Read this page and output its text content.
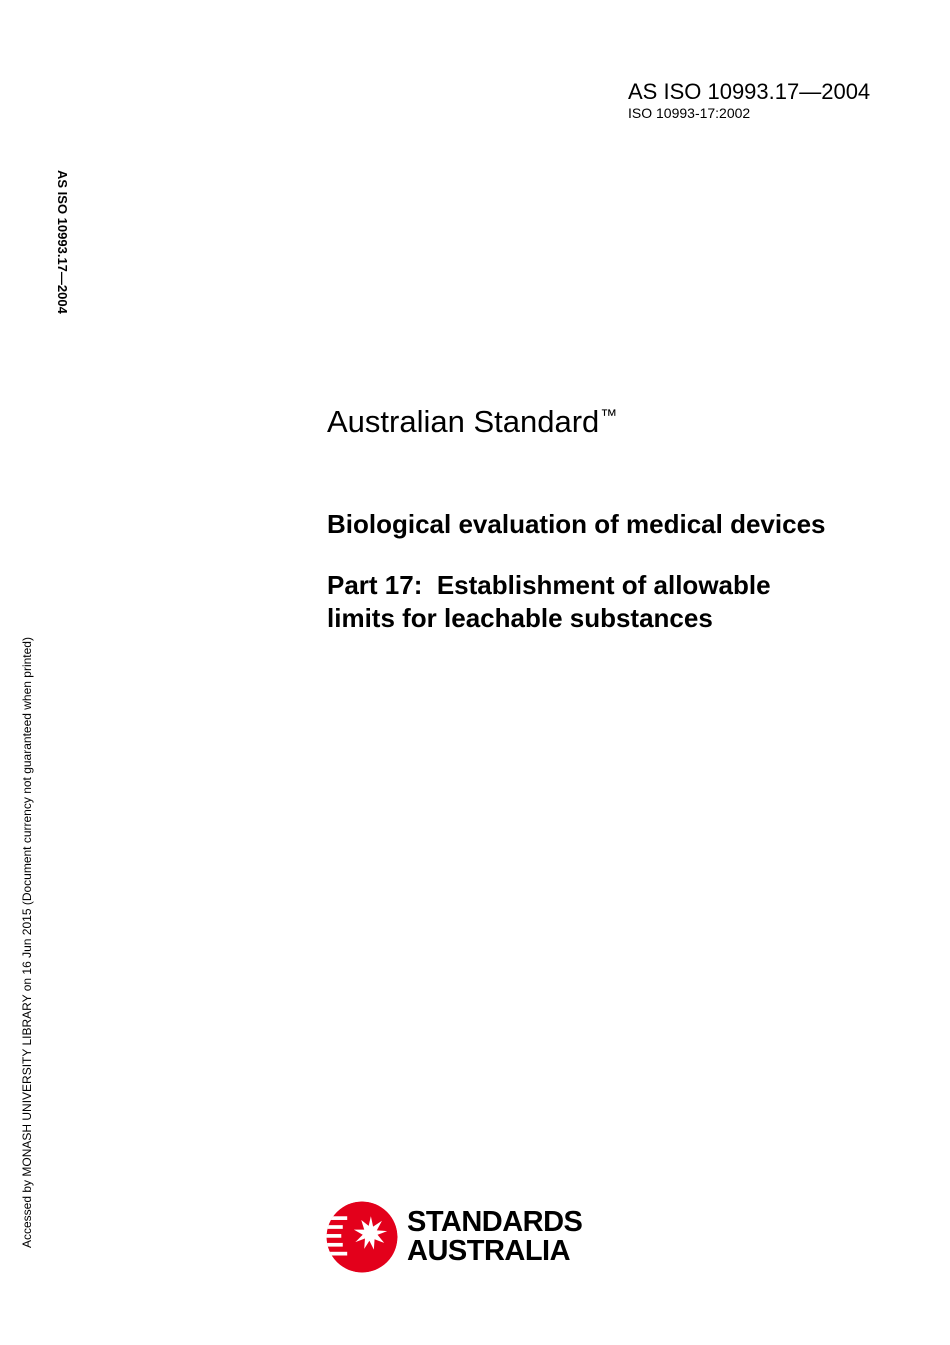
AS ISO 10993.17—2004
ISO 10993-17:2002
AS ISO 10993.17—2004
Accessed by MONASH UNIVERSITY LIBRARY on 16 Jun 2015 (Document currency not guaranteed when printed)
Australian Standard™
Biological evaluation of medical devices
Part 17:  Establishment of allowable
limits for leachable substances
STANDARDS
AUSTRALIA
